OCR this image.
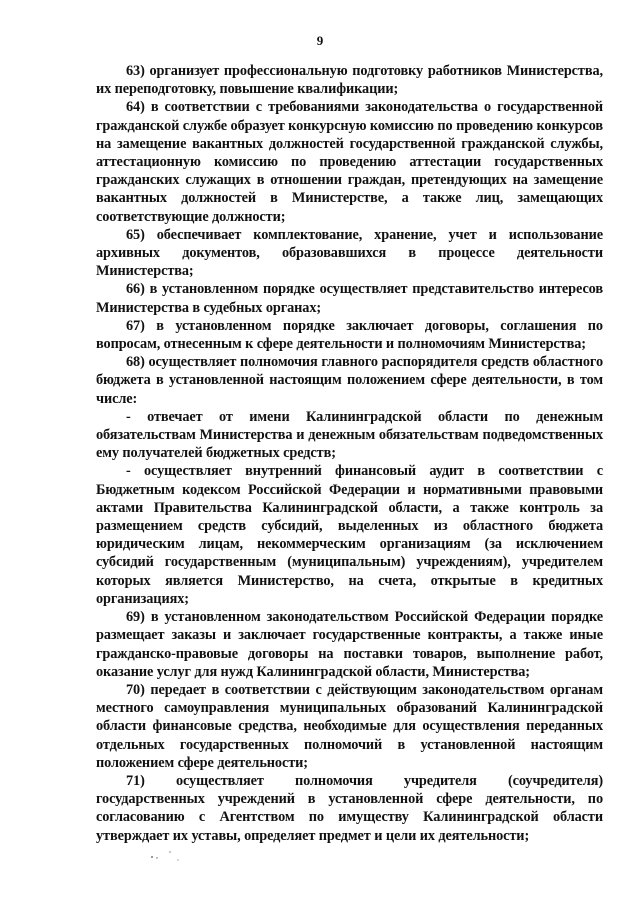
9

63) организует профессиональную подготовку работников Министерства, их переподготовку, повышение квалификации;

64) в соответствии с требованиями законодательства о государственной гражданской службе образует конкурсную комиссию по проведению конкурсов на замещение вакантных должностей государственной гражданской службы, аттестационную комиссию по проведению аттестации государственных гражданских служащих в отношении граждан, претендующих на замещение вакантных должностей в Министерстве, а также лиц, замещающих соответствующие должности;

65) обеспечивает комплектование, хранение, учет и использование архивных документов, образовавшихся в процессе деятельности Министерства;

66) в установленном порядке осуществляет представительство интересов Министерства в судебных органах;

67) в установленном порядке заключает договоры, соглашения по вопросам, отнесенным к сфере деятельности и полномочиям Министерства;

68) осуществляет полномочия главного распорядителя средств областного бюджета в установленной настоящим положением сфере деятельности, в том числе:

- отвечает от имени Калининградской области по денежным обязательствам Министерства и денежным обязательствам подведомственных ему получателей бюджетных средств;

- осуществляет внутренний финансовый аудит в соответствии с Бюджетным кодексом Российской Федерации и нормативными правовыми актами Правительства Калининградской области, а также контроль за размещением средств субсидий, выделенных из областного бюджета юридическим лицам, некоммерческим организациям (за исключением субсидий государственным (муниципальным) учреждениям), учредителем которых является Министерство, на счета, открытые в кредитных организациях;

69) в установленном законодательством Российской Федерации порядке размещает заказы и заключает государственные контракты, а также иные гражданско-правовые договоры на поставки товаров, выполнение работ, оказание услуг для нужд Калининградской области, Министерства;

70) передает в соответствии с действующим законодательством органам местного самоуправления муниципальных образований Калининградской области финансовые средства, необходимые для осуществления переданных отдельных государственных полномочий в установленной настоящим положением сфере деятельности;

71) осуществляет полномочия учредителя (соучредителя) государственных учреждений в установленной сфере деятельности, по согласованию с Агентством по имуществу Калининградской области утверждает их уставы, определяет предмет и цели их деятельности;
